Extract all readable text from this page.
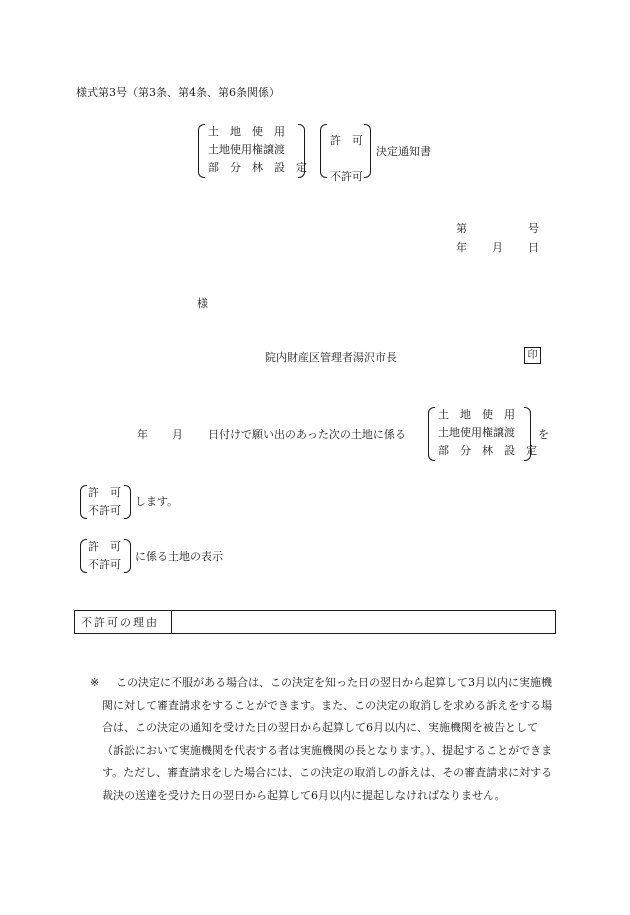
様式第3号（第3条、第4条、第6条関係）
土　地　使　用
土地使用権譲渡
部　分　林　設　定
許　可
不許可
決定通知書
第	号
年 月 日
様
院内財産区管理者湯沢市長	印
年 月 日付けで願い出のあった次の土地に係る
土　地　使　用
土地使用権譲渡
部　分　林　設　定
を
許　可
不許可
します。
許　可
不許可
に係る土地の表示
不許可の理由	
※	この決定に不服がある場合は、この決定を知った日の翌日から起算して3月以内に実施機関に対して審査請求をすることができます。また、この決定の取消しを求める訴えをする場合は、この決定の通知を受けた日の翌日から起算して6月以内に、実施機関を被告として（訴訟において実施機関を代表する者は実施機関の長となります。）、提起することができます。ただし、審査請求をした場合には、この決定の取消しの訴えは、その審査請求に対する裁決の送達を受けた日の翌日から起算して6月以内に提起しなければなりません。
